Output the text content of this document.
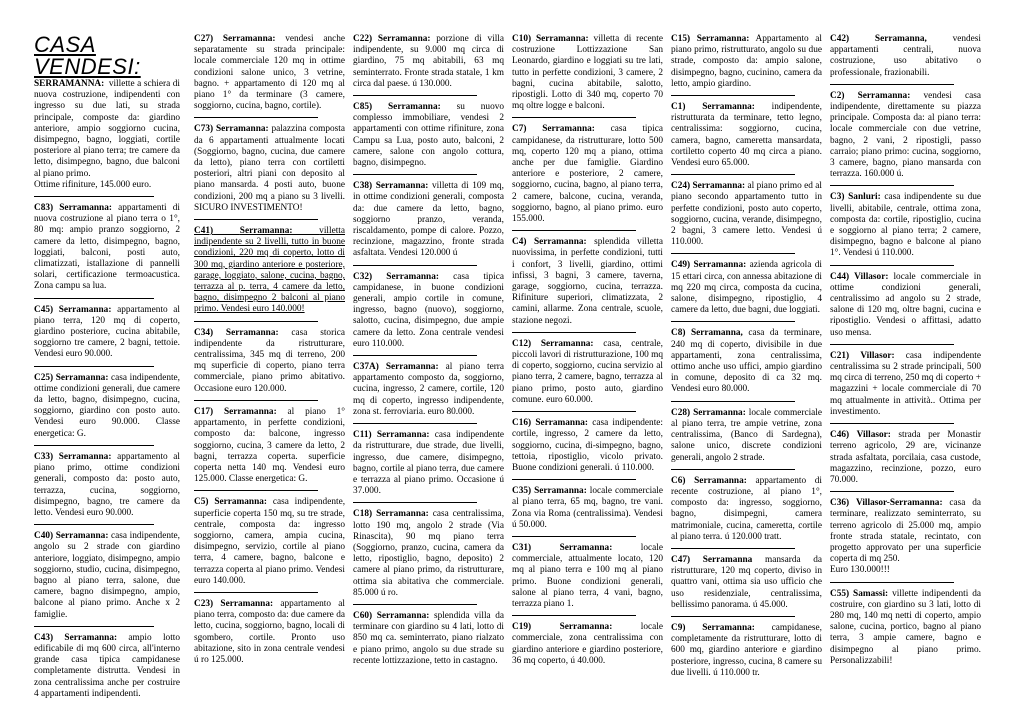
CASA VENDESI:
SERRAMANNA: villette a schiera di nuova costruzione, indipendenti con ingresso su due lati, su strada principale, composte da: giardino anteriore, ampio soggiorno cucina, disimpegno, bagno, loggiati, cortile posteriore al piano terra; tre camere da letto, disimpegno, bagno, due balconi al piano primo.

Ottime rifiniture, 145.000 euro.

C83) Serramanna: appartamenti di nuova costruzione al piano terra o 1°, 80 mq: ampio pranzo soggiorno, 2 camere da letto, disimpegno, bagno, loggiati, balconi, posti auto, climatizzati, istallazione di pannelli solari, certificazione termoacustica. Zona campu sa lua.
C45) Serramanna: appartamento al piano terra, 120 mq di coperto, giardino posteriore, cucina abitabile, soggiorno tre camere, 2 bagni, tettoie. Vendesi euro 90.000.
C25) Serramanna: casa indipendente, ottime condizioni generali, due camere da letto, bagno, disimpegno, cucina, soggiorno, giardino con posto auto. Vendesi euro 90.000. Classe energetica: G.
C33) Serramanna: appartamento al piano primo, ottime condizioni generali, composto da: posto auto, terrazza, cucina, soggiorno, disimpegno, bagno, tre camere da letto. Vendesi euro 90.000.
C40) Serramanna: casa indipendente, angolo su 2 strade con giardino anteriore, loggiato, disimpegno, ampio soggiorno, studio, cucina, disimpegno, bagno al piano terra, salone, due camere, bagno disimpegno, ampio, balcone al piano primo. Anche x 2 famiglie.
C43) Serramanna: ampio lotto edificabile di mq 600 circa, all'interno grande casa tipica campidanese completamente distrutta. Vendesi in zona centralissima anche per costruire 4 appartamenti indipendenti.
C27) Serramanna: vendesi anche separatamente su strada principale: locale commerciale 120 mq in ottime condizioni salone unico, 3 vetrine, bagno. + appartamento di 120 mq al piano 1° da terminare (3 camere, soggiorno, cucina, bagno, cortile).
C73) Serramanna: palazzina composta da 6 appartamenti attualmente locati (Soggiorno, bagno, cucina, due camere da letto), piano terra con cortiletti posteriori, altri piani con deposito al piano mansarda. 4 posti auto, buone condizioni, 200 mq a piano su 3 livelli. SICURO INVESTIMENTO!
C41)	Serramanna:	villetta indipendente su 2 livelli, tutto in buone condizioni, 220 mq di coperto, lotto di 300 mq, giardino anteriore e posteriore, garage, loggiato, salone, cucina, bagno, terrazza al p. terra, 4 camere da letto, bagno, disimpegno 2 balconi al piano primo. Vendesi euro 140.000!
C34) Serramanna: casa storica indipendente da ristrutturare, centralissima, 345 mq di terreno, 200 mq superficie di coperto, piano terra commerciale, piano primo abitativo. Occasione euro 120.000.
C17) Serramanna: al piano 1° appartamento, in perfette condizioni, composto da: balcone, ingresso soggiorno, cucina, 3 camere da letto, 2 bagni, terrazza coperta. superficie coperta netta 140 mq. Vendesi euro 125.000. Classe energetica: G.
C5) Serramanna: casa indipendente, superficie coperta 150 mq, su tre strade, centrale, composta da: ingresso soggiorno, camera, ampia cucina, disimpegno, servizio, cortile al piano terra, 4 camere, bagno, balcone e terrazza coperta al piano primo. Vendesi euro 140.000.
C23) Serramanna: appartamento al piano terra, composto da: due camere da letto, cucina, soggiorno, bagno, locali di sgombero, cortile. Pronto uso abitazione, sito in zona centrale vendesi ú ro 125.000.
C22) Serramanna: porzione di villa indipendente, su 9.000 mq circa di giardino, 75 mq abitabili, 63 mq seminterrato. Fronte strada statale, 1 km circa dal paese. ú 130.000.
C85) Serramanna: su nuovo complesso immobiliare, vendesi 2 appartamenti con ottime rifiniture, zona Campu sa Lua, posto auto, balconi, 2 camere, salone con angolo cottura, bagno, disimpegno.
C38) Serramanna: villetta di 109 mq, in ottime condizioni generali, composta da: due camere da letto, bagno, soggiorno pranzo, veranda, riscaldamento, pompe di calore. Pozzo, recinzione, magazzino, fronte strada asfaltata. Vendesi 120.000 ú
C32) Serramanna: casa tipica campidanese, in buone condizioni generali, ampio cortile in comune, ingresso, bagno (nuovo), soggiorno, salotto, cucina, disimpegno, due ampie camere da letto. Zona centrale vendesi euro 110.000.
C37A) Serramanna: al piano terra appartamento composto da, soggiorno, cucina, ingresso, 2 camere, cortile, 120 mq di coperto, ingresso indipendente, zona st. ferroviaria. euro 80.000.
C11) Serramanna: casa indipendente da ristrutturare, due strade, due livelli, ingresso, due camere, disimpegno, bagno, cortile al piano terra, due camere e terrazza al piano primo. Occasione ú 37.000.
C18) Serramanna: casa centralissima, lotto 190 mq, angolo 2 strade (Via Rinascita), 90 mq piano terra (Soggiorno, pranzo, cucina, camera da letto, ripostiglio, bagno, deposito) 2 camere al piano primo, da ristrutturare, ottima sia abitativa che commerciale. 85.000 ú ro.
C60) Serramanna: splendida villa da terminare con giardino su 4 lati, lotto di 850 mq ca. seminterrato, piano rialzato e piano primo, angolo su due strade su recente lottizzazione, tetto in castagno.
C10) Serramanna: villetta di recente costruzione Lottizzazione San Leonardo, giardino e loggiati su tre lati, tutto in perfette condizioni, 3 camere, 2 bagni, cucina abitabile, salotto, ripostigli. Lotto di 340 mq, coperto 70 mq oltre logge e balconi.
C7) Serramanna: casa tipica campidanese, da ristrutturare, lotto 500 mq, coperto 120 mq a piano, ottima anche per due famiglie. Giardino anteriore e posteriore, 2 camere, soggiorno, cucina, bagno, al piano terra, 2 camere, balcone, cucina, veranda, soggiorno, bagno, al piano primo. euro 155.000.
C4) Serramanna: splendida villetta nuovissima, in perfette condizioni, tutti i confort, 3 livelli, giardino, ottimi infissi, 3 bagni, 3 camere, taverna, garage, soggiorno, cucina, terrazza. Rifiniture superiori, climatizzata, 2 camini, allarme. Zona centrale, scuole, stazione negozi.
C12) Serramanna: casa, centrale, piccoli lavori di ristrutturazione, 100 mq di coperto, soggiorno, cucina servizio al piano terra, 2 camere, bagno, terrazza al piano primo, posto auto, giardino comune. euro 60.000.
C16) Serramanna: casa indipendente: cortile, ingresso, 2 camere da letto, soggiorno, cucina, di-simpegno, bagno, tettoia, ripostiglio, vicolo privato. Buone condizioni generali. ú 110.000.
C35) Serramanna: locale commerciale al piano terra, 65 mq, bagno, tre vani. Zona via Roma (centralissima). Vendesi ú 50.000.
C31)	Serramanna:	locale commerciale, attualmente locato, 120 mq al piano terra e 100 mq al piano primo. Buone condizioni generali, salone al piano terra, 4 vani, bagno, terrazza piano 1.
C19)	Serramanna:	locale commerciale, zona centralissima con giardino anteriore e giardino posteriore, 36 mq coperto, ú 40.000.
C15) Serramanna: Appartamento al piano primo, ristrutturato, angolo su due strade, composto da: ampio salone, disimpegno, bagno, cucinino, camera da letto, ampio giardino.
C1) Serramanna: indipendente, ristrutturata da terminare, tetto legno, centralissima: soggiorno, cucina, camera, bagno, cameretta mansardata, cortiletto coperto 40 mq circa a piano. Vendesi euro 65.000.
C24) Serramanna: al piano primo ed al piano secondo appartamento tutto in perfette condizioni, posto auto coperto, soggiorno, cucina, verande, disimpegno, 2 bagni, 3 camere letto. Vendesi ú 110.000.
C49) Serramanna: azienda agricola di 15 ettari circa, con annessa abitazione di mq 220 mq circa, composta da cucina, salone, disimpegno, ripostiglio, 4 camere da letto, due bagni, due loggiati.
C8) Serramanna, casa da terminare, 240 mq di coperto, divisibile in due appartamenti, zona centralissima, ottimo anche uso uffici, ampio giardino in comune, deposito di ca 32 mq. Vendesi euro 80.000.
C28) Serramanna: locale commerciale al piano terra, tre ampie vetrine, zona centralissima, (Banco di Sardegna), salone unico, discrete condizioni generali, angolo 2 strade.
C6) Serramanna: appartamento di recente costruzione, al piano 1°, composto da: ingresso, soggiorno, bagno, disimpegni, camera matrimoniale, cucina, cameretta, cortile al piano terra. ú 120.000 tratt.
C47) Serramanna mansarda da ristrutturare, 120 mq coperto, diviso in quattro vani, ottima sia uso ufficio che uso residenziale, centralissima, bellissimo panorama. ú 45.000.
C9) Serramanna: campidanese, completamente da ristrutturare, lotto di 600 mq, giardino anteriore e giardino posteriore, ingresso, cucina, 8 camere su due livelli. ú 110.000 tr.
C42)	Serramanna,	vendesi appartamenti centrali, nuova costruzione, uso abitativo o professionale, frazionabili.
C2) Serramanna: vendesi casa indipendente, direttamente su piazza principale. Composta da: al piano terra: locale commerciale con due vetrine, bagno, 2 vani, 2 ripostigli, passo carraio; piano primo: cucina, soggiorno, 3 camere, bagno, piano mansarda con terrazza. 160.000 ú.
C3) Sanluri: casa indipendente su due livelli, abitabile, centrale, ottima zona, composta da: cortile, ripostiglio, cucina e soggiorno al piano terra; 2 camere, disimpegno, bagno e balcone al piano 1°. Vendesi ú 110.000.
C44) Villasor: locale commerciale in ottime condizioni generali, centralissimo ad angolo su 2 strade, salone di 120 mq, oltre bagni, cucina e ripostiglio. Vendesi o affittasi, adatto uso mensa.
C21) Villasor: casa indipendente centralissima su 2 strade principali, 500 mq circa di terreno, 250 mq di coperto + magazzini + locale commerciale di 70 mq attualmente in attività.. Ottima per investimento.
C46) Villasor: strada per Monastir terreno agricolo, 29 are, vicinanze strada asfaltata, porcilaia, casa custode, magazzino, recinzione, pozzo, euro 70.000.
C36) Villasor-Serramanna: casa da terminare, realizzato seminterrato, su terreno agricolo di 25.000 mq, ampio fronte strada statale, recintato, con progetto approvato per una superficie coperta di mq 250.

Euro 130.000!!!

C55) Samassi: villette indipendenti da costruire, con giardino su 3 lati, lotto di 280 mq, 140 mq netti di coperto, ampio salone, cucina, portico, bagno al piano terra, 3 ampie camere, bagno e disimpegno al piano primo. Personalizzabili!
